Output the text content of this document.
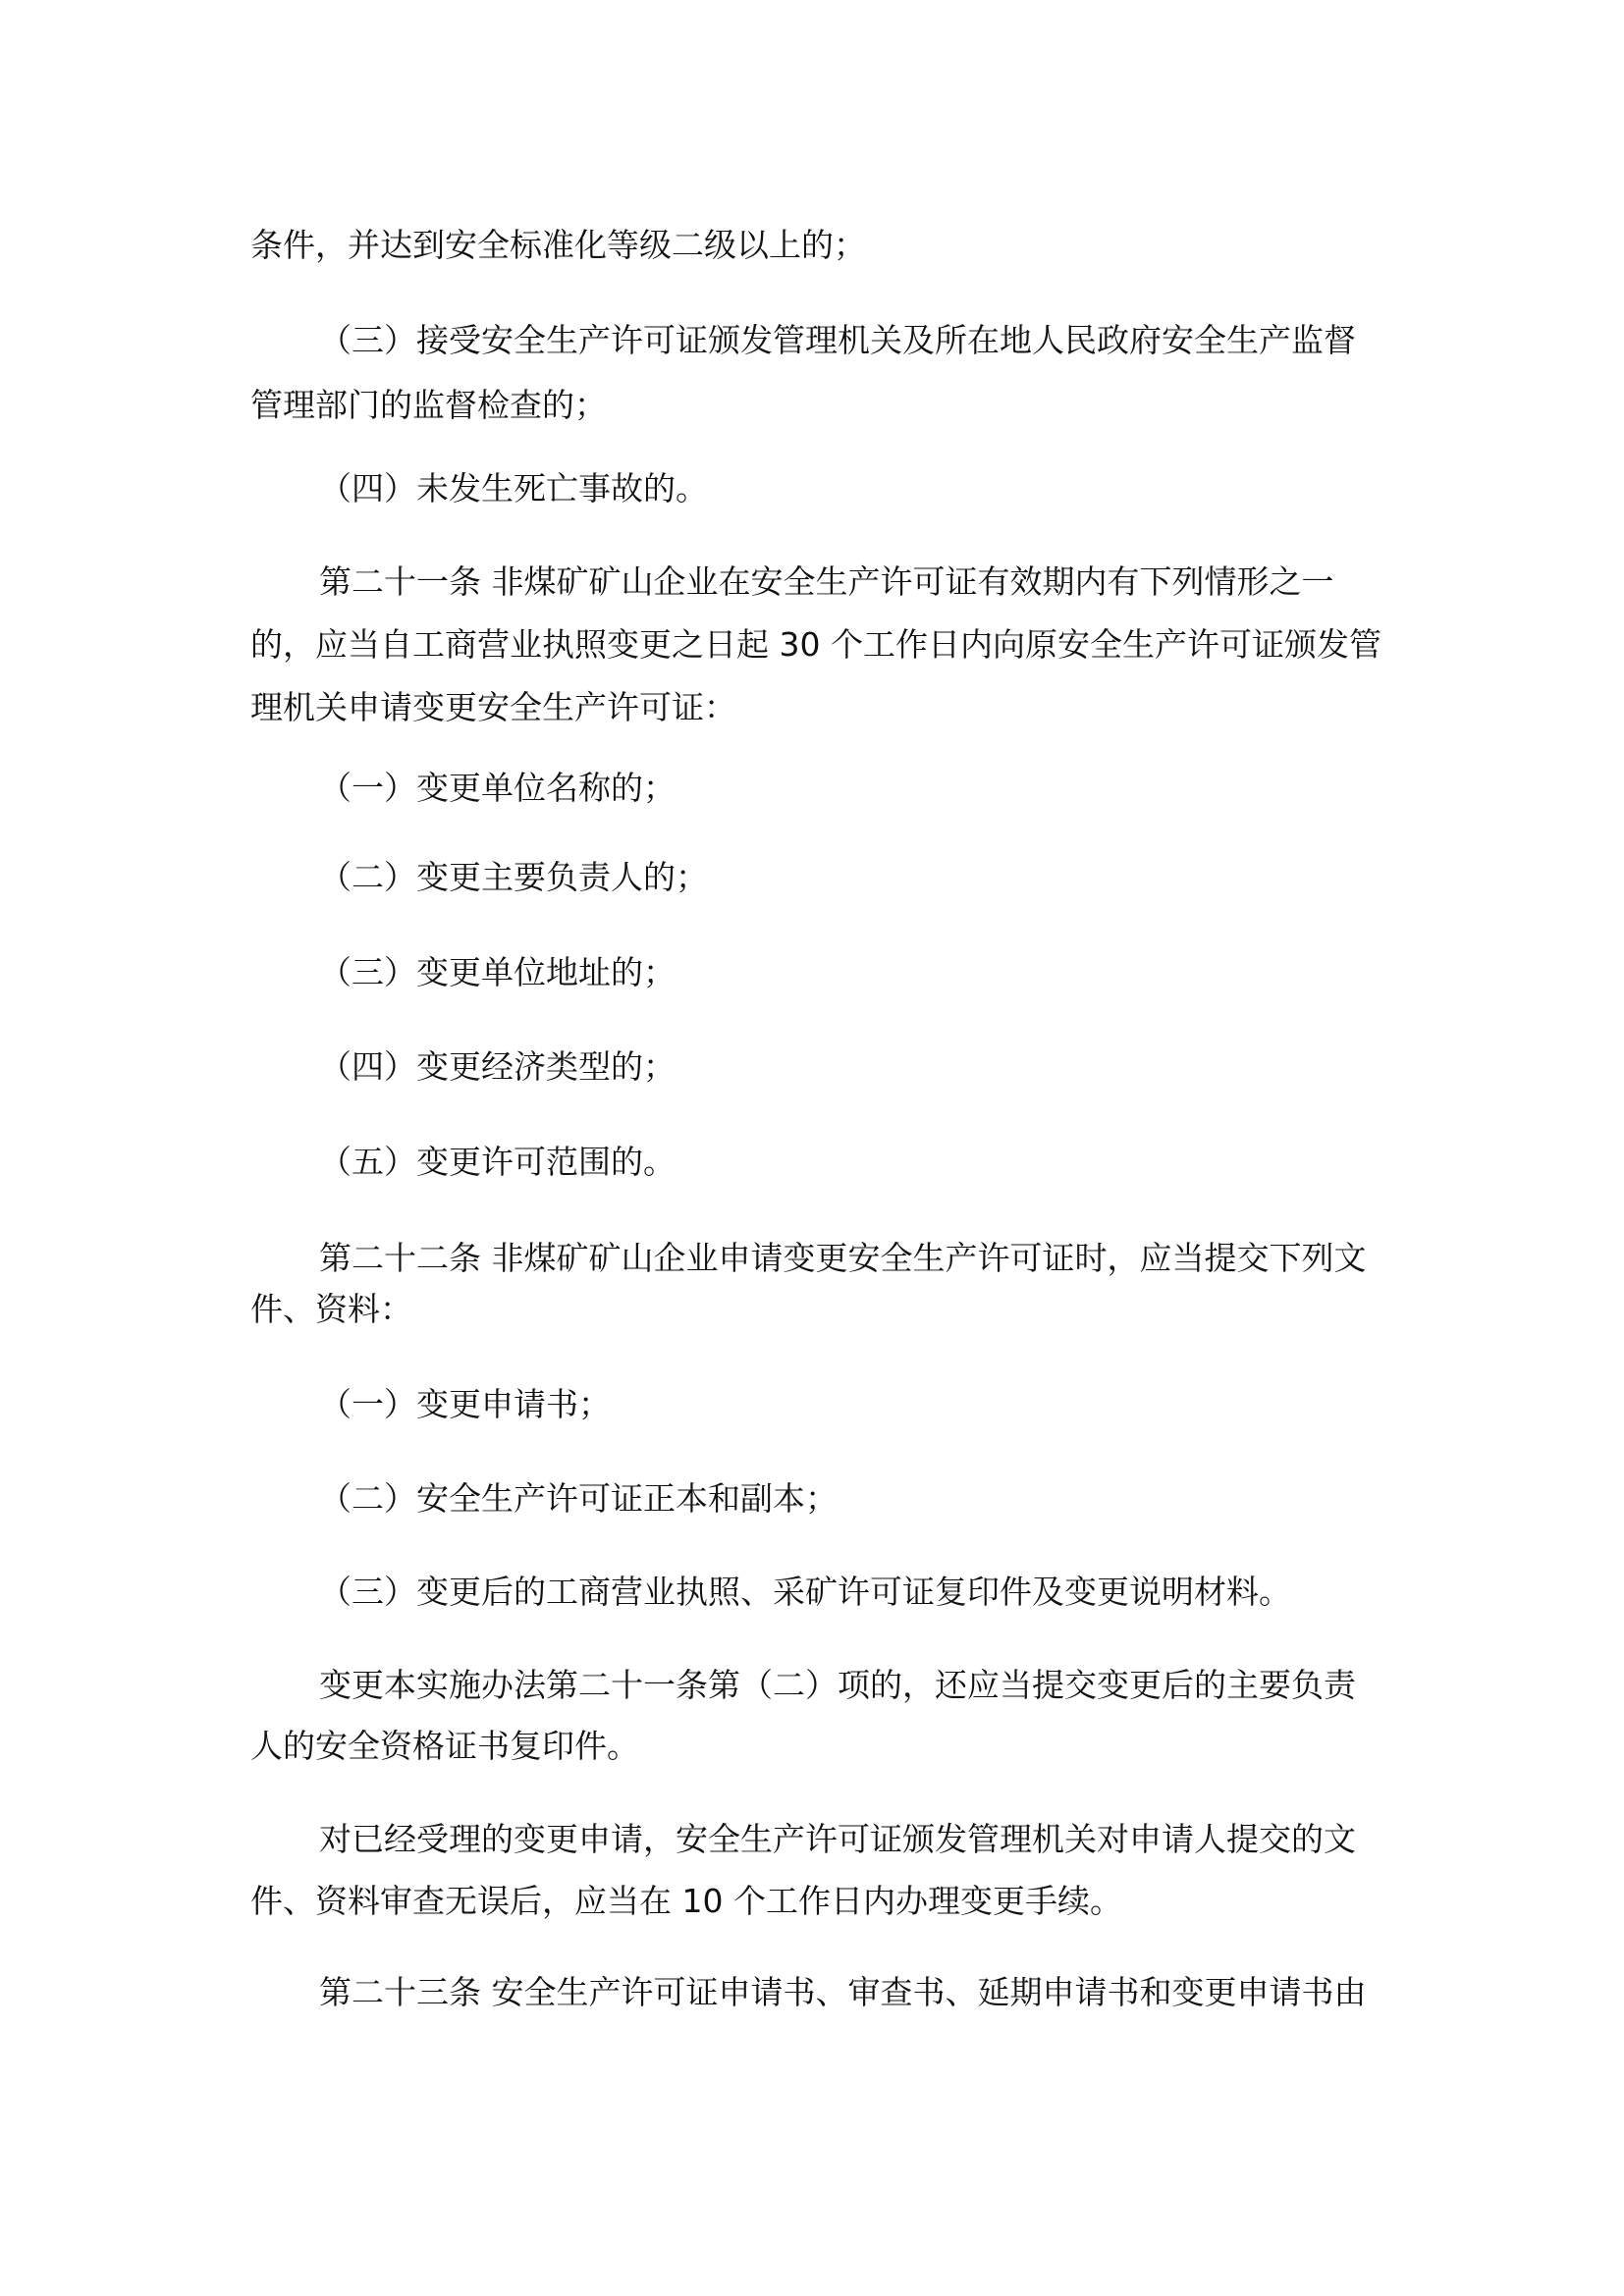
条件，并达到安全标准化等级二级以上的；

（三）接受安全生产许可证颁发管理机关及所在地人民政府安全生产监督

管理部门的监督检查的；

（四）未发生死亡事故的。

第二十一条 非煤矿矿山企业在安全生产许可证有效期内有下列情形之一

的，应当自工商营业执照变更之日起 30 个工作日内向原安全生产许可证颁发管

理机关申请变更安全生产许可证：

（一）变更单位名称的；

（二）变更主要负责人的；

（三）变更单位地址的；

（四）变更经济类型的；

（五）变更许可范围的。

第二十二条 非煤矿矿山企业申请变更安全生产许可证时，应当提交下列文

件、资料：

（一）变更申请书；

（二）安全生产许可证正本和副本；

（三）变更后的工商营业执照、采矿许可证复印件及变更说明材料。

变更本实施办法第二十一条第（二）项的，还应当提交变更后的主要负责

人的安全资格证书复印件。

对已经受理的变更申请，安全生产许可证颁发管理机关对申请人提交的文

件、资料审查无误后，应当在 10 个工作日内办理变更手续。

第二十三条 安全生产许可证申请书、审查书、延期申请书和变更申请书由
